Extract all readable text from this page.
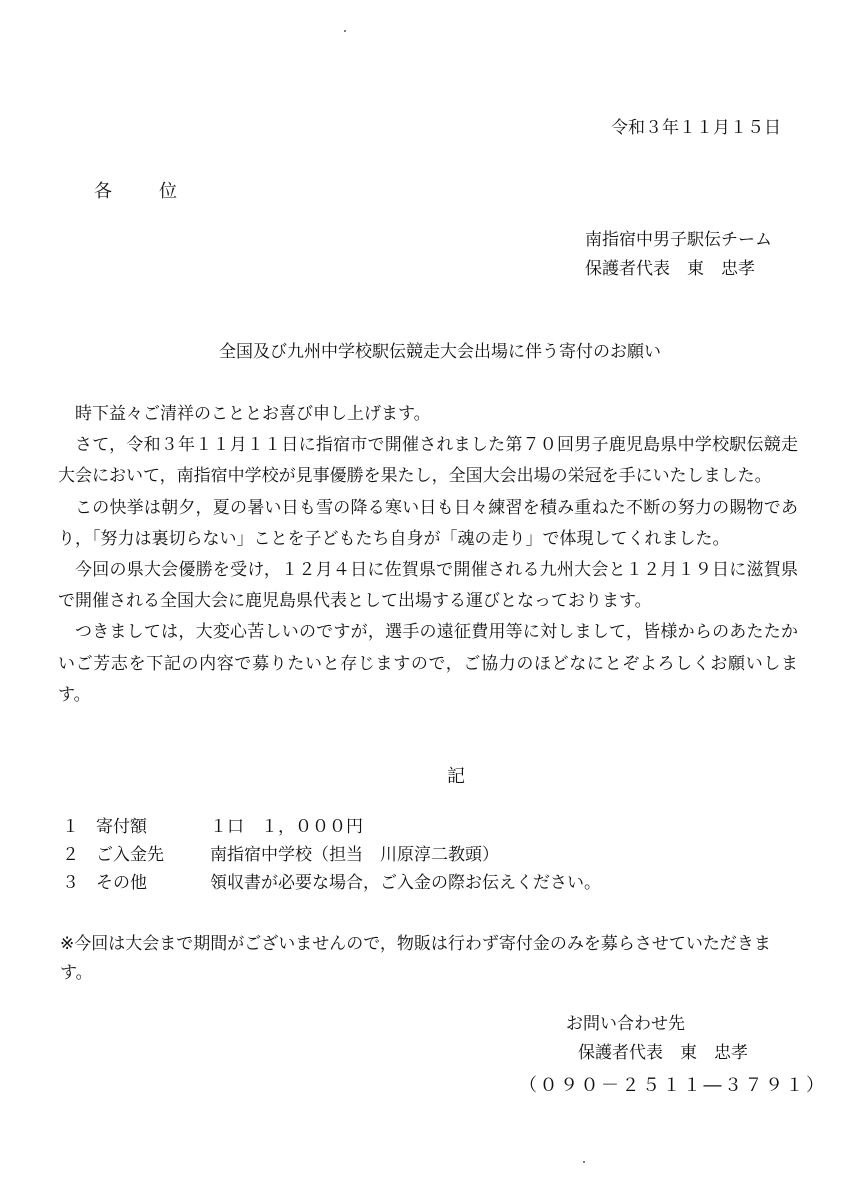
令和３年１１月１５日
各	位
南指宿中男子駅伝チーム
保護者代表　東　忠孝
全国及び九州中学校駅伝競走大会出場に伴う寄付のお願い

時下益々ご清祥のこととお喜び申し上げます。

さて，令和３年１１月１１日に指宿市で開催されました第７０回男子鹿児島県中学校駅伝競走大会において，南指宿中学校が見事優勝を果たし，全国大会出場の栄冠を手にいたしました。

この快挙は朝夕，夏の暑い日も雪の降る寒い日も日々練習を積み重ねた不断の努力の賜物であり，「努力は裏切らない」ことを子どもたち自身が「魂の走り」で体現してくれました。

今回の県大会優勝を受け，１２月４日に佐賀県で開催される九州大会と１２月１９日に滋賀県で開催される全国大会に鹿児島県代表として出場する運びとなっております。

つきましては，大変心苦しいのですが，選手の遠征費用等に対しまして，皆様からのあたたかいご芳志を下記の内容で募りたいと存じますので，ご協力のほどなにとぞよろしくお願いします。

記
１ 寄付額	１口　１，０００円
２ ご入金先	南指宿中学校（担当　川原淳二教頭）
３ その他	領収書が必要な場合，ご入金の際お伝えください。
※今回は大会まで期間がございませんので，物販は行わず寄付金のみを募らさせていただきます。
お問い合わせ先
保護者代表　東　忠孝
（０９０－２５１１―３７９１）
